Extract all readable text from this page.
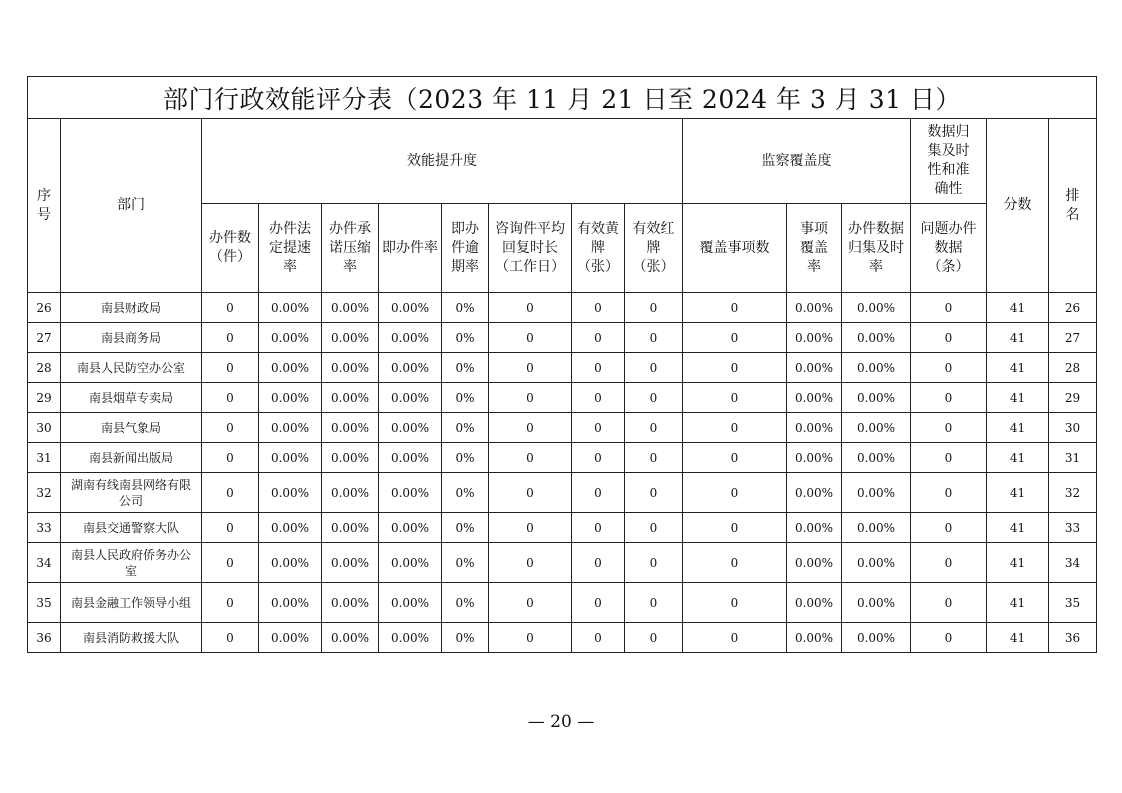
部门行政效能评分表（2023 年 11 月 21 日至 2024 年 3 月 31 日）															
序号	部门	效能提升度								监察覆盖度			数据归集及时性和准确性	分数	排名
		办件数（件）	办件法定提速率	办件承诺压缩率	即办件率	即办件逾期率	咨询件平均回复时长（工作日）	有效黄牌（张）	有效红牌（张）	覆盖事项数	事项覆盖率	办件数据归集及时率	问题办件数据（条）		
26	南县财政局	0	0.00%	0.00%	0.00%	0%	0	0	0	0	0.00%	0.00%	0	41	26
27	南县商务局	0	0.00%	0.00%	0.00%	0%	0	0	0	0	0.00%	0.00%	0	41	27
28	南县人民防空办公室	0	0.00%	0.00%	0.00%	0%	0	0	0	0	0.00%	0.00%	0	41	28
29	南县烟草专卖局	0	0.00%	0.00%	0.00%	0%	0	0	0	0	0.00%	0.00%	0	41	29
30	南县气象局	0	0.00%	0.00%	0.00%	0%	0	0	0	0	0.00%	0.00%	0	41	30
31	南县新闻出版局	0	0.00%	0.00%	0.00%	0%	0	0	0	0	0.00%	0.00%	0	41	31
32	湖南有线南县网络有限公司	0	0.00%	0.00%	0.00%	0%	0	0	0	0	0.00%	0.00%	0	41	32
33	南县交通警察大队	0	0.00%	0.00%	0.00%	0%	0	0	0	0	0.00%	0.00%	0	41	33
34	南县人民政府侨务办公室	0	0.00%	0.00%	0.00%	0%	0	0	0	0	0.00%	0.00%	0	41	34
35	南县金融工作领导小组	0	0.00%	0.00%	0.00%	0%	0	0	0	0	0.00%	0.00%	0	41	35
36	南县消防救援大队	0	0.00%	0.00%	0.00%	0%	0	0	0	0	0.00%	0.00%	0	41	36
— 20 —
